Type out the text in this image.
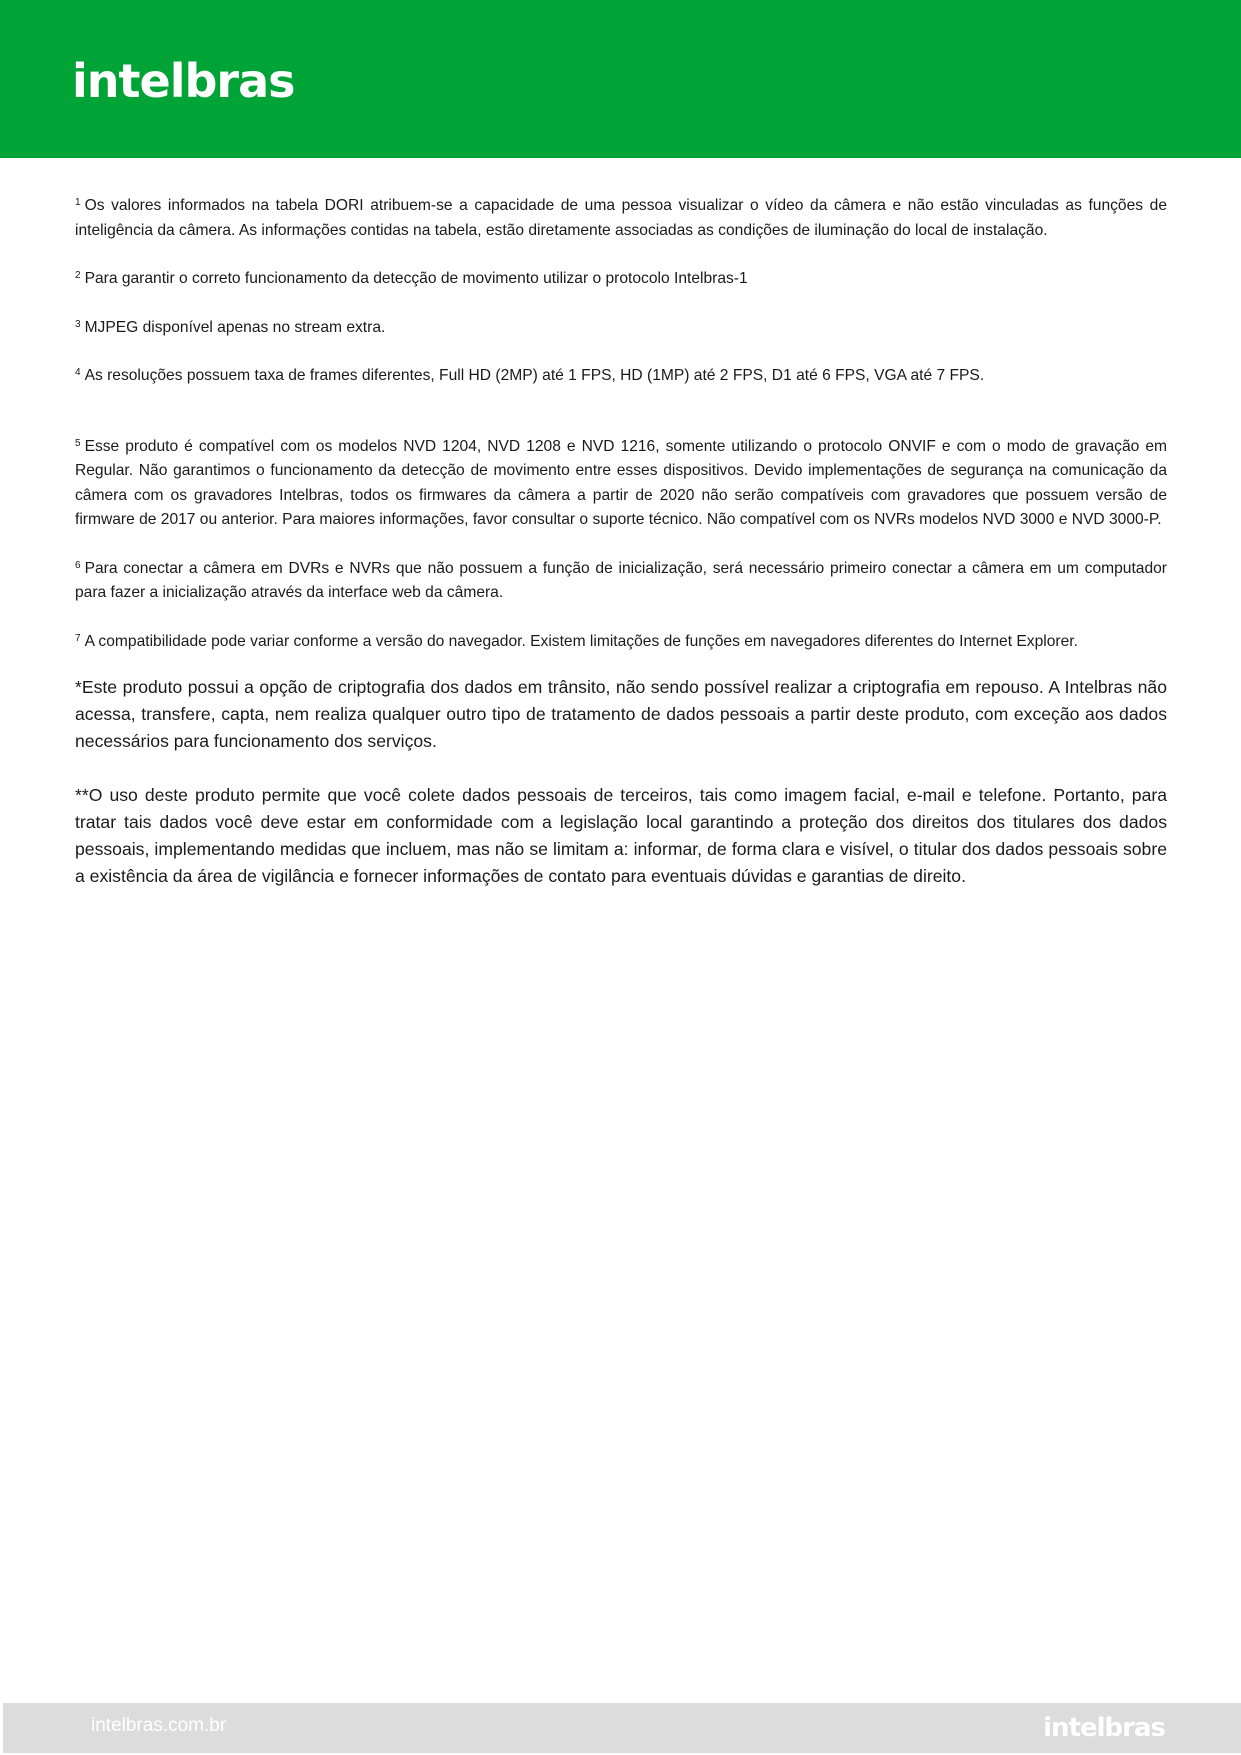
intelbras

$^1$ Os valores informados na tabela DORI atribuem-se a capacidade de uma pessoa visualizar o vídeo da câmera e não estão vinculadas as funções de inteligência da câmera. As informações contidas na tabela, estão diretamente associadas as condições de iluminação do local de instalação.

$^2$ Para garantir o correto funcionamento da detecção de movimento utilizar o protocolo Intelbras-1

$^3$ MJPEG disponível apenas no stream extra.

$^4$ As resoluções possuem taxa de frames diferentes, Full HD (2MP) até 1 FPS, HD (1MP) até 2 FPS, D1 até 6 FPS, VGA até 7 FPS.

$^5$ Esse produto é compatível com os modelos NVD 1204, NVD 1208 e NVD 1216, somente utilizando o protocolo ONVIF e com o modo de gravação em Regular. Não garantimos o funcionamento da detecção de movimento entre esses dispositivos. Devido implementações de segurança na comunicação da câmera com os gravadores Intelbras, todos os firmwares da câmera a partir de 2020 não serão compatíveis com gravadores que possuem versão de firmware de 2017 ou anterior. Para maiores informações, favor consultar o suporte técnico. Não compatível com os NVRs modelos NVD 3000 e NVD 3000-P.

$^6$ Para conectar a câmera em DVRs e NVRs que não possuem a função de inicialização, será necessário primeiro conectar a câmera em um computador para fazer a inicialização através da interface web da câmera.

$^7$ A compatibilidade pode variar conforme a versão do navegador. Existem limitações de funções em navegadores diferentes do Internet Explorer.

*Este produto possui a opção de criptografia dos dados em trânsito, não sendo possível realizar a criptografia em repouso. A Intelbras não acessa, transfere, capta, nem realiza qualquer outro tipo de tratamento de dados pessoais a partir deste produto, com exceção aos dados necessários para funcionamento dos serviços.

**O uso deste produto permite que você colete dados pessoais de terceiros, tais como imagem facial, e-mail e telefone. Portanto, para tratar tais dados você deve estar em conformidade com a legislação local garantindo a proteção dos direitos dos titulares dos dados pessoais, implementando medidas que incluem, mas não se limitam a: informar, de forma clara e visível, o titular dos dados pessoais sobre a existência da área de vigilância e fornecer informações de contato para eventuais dúvidas e garantias de direito.

intelbras.com.br	intelbras
